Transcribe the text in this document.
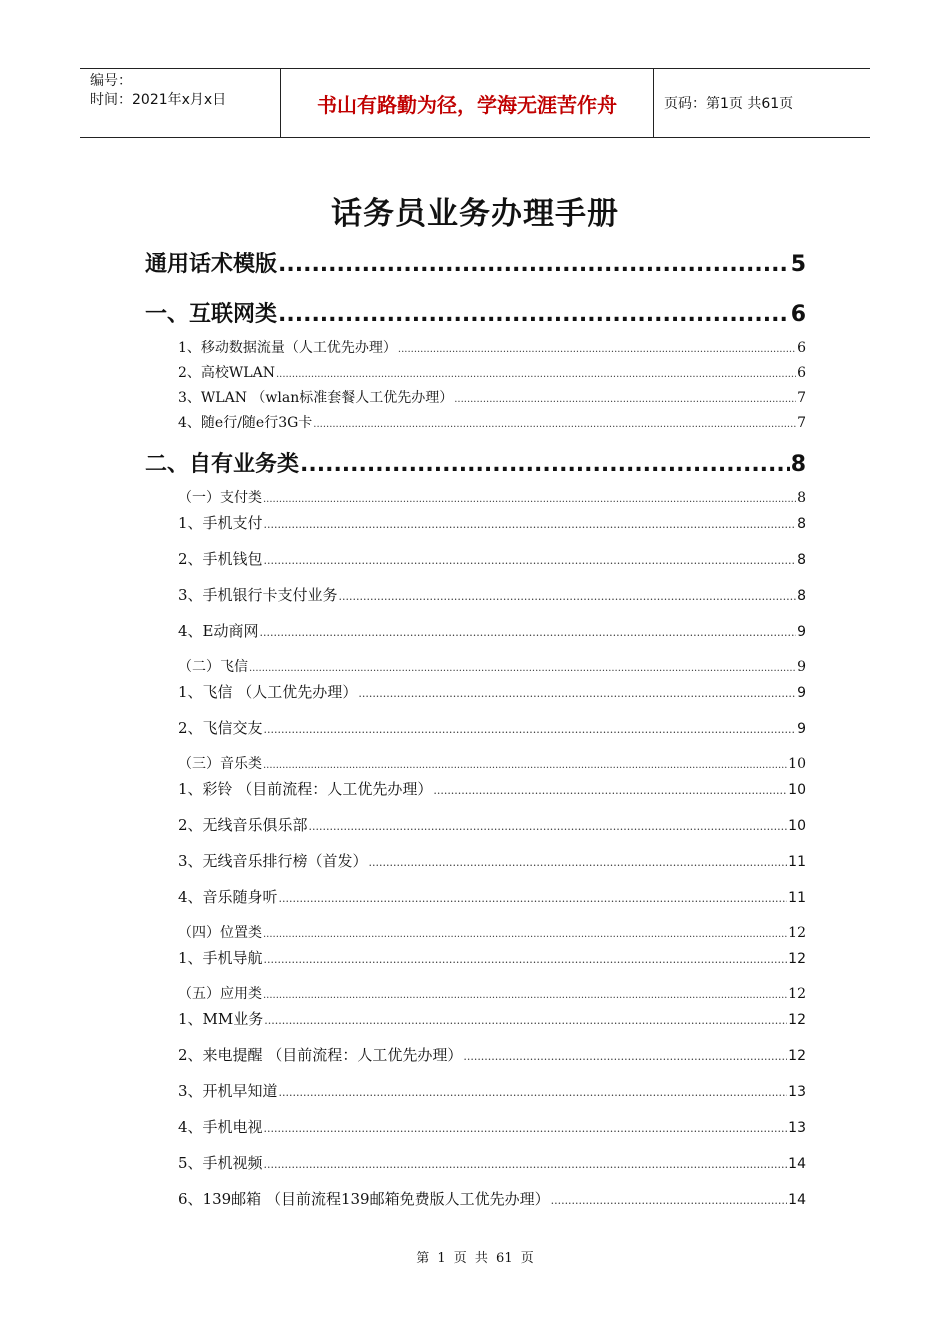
编号：
时间：2021年x月x日	书山有路勤为径，学海无涯苦作舟	页码：第1页 共61页
话务员业务办理手册
通用话术模版 .....	5
一、互联网类 .....	6
1、移动数据流量（人工优先办理） .....	6
2、高校WLAN .....	6
3、WLAN （wlan标准套餐人工优先办理） .....	7
4、随e行/随e行3G卡 .....	7
二、自有业务类 .....	8
（一）支付类 .....	8
1、手机支付 .....	8
2、手机钱包 .....	8
3、手机银行卡支付业务 .....	8
4、E动商网 .....	9
（二）飞信 .....	9
1、飞信 （人工优先办理） .....	9
2、飞信交友 .....	9
（三）音乐类 .....	10
1、彩铃 （目前流程：人工优先办理） .....	10
2、无线音乐俱乐部 .....	10
3、无线音乐排行榜（首发） .....	11
4、音乐随身听 .....	11
（四）位置类 .....	12
1、手机导航 .....	12
（五）应用类 .....	12
1、MM业务 .....	12
2、来电提醒 （目前流程：人工优先办理） .....	12
3、开机早知道 .....	13
4、手机电视 .....	13
5、手机视频 .....	14
6、139邮箱 （目前流程139邮箱免费版人工优先办理） .....	14
第 1 页 共 61 页
